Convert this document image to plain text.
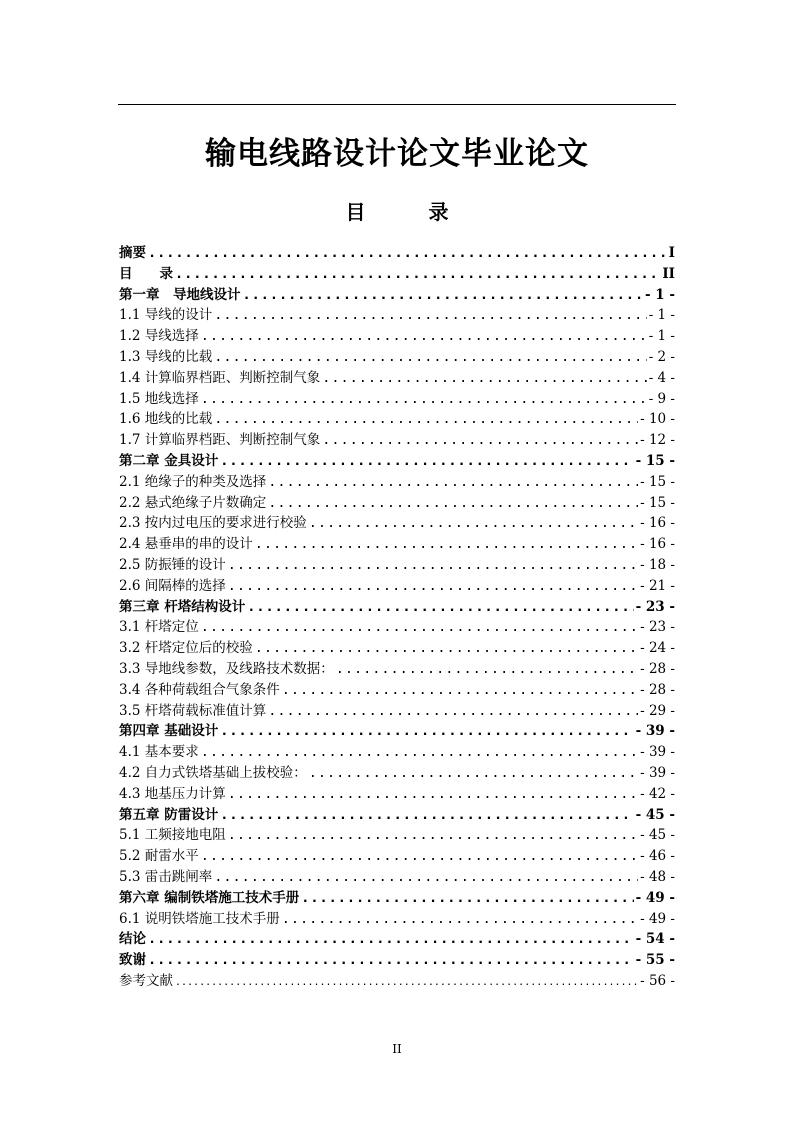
输电线路设计论文毕业论文
目 录
摘要 .....	I
目　　录 .....	II
第一章　导地线设计 .....	- 1 -
1.1 导线的设计 .....	- 1 -
1.2 导线选择 .....	- 1 -
1.3 导线的比载 .....	- 2 -
1.4 计算临界档距、判断控制气象 .....	- 4 -
1.5 地线选择 .....	- 9 -
1.6 地线的比载 .....	- 10 -
1.7 计算临界档距、判断控制气象 .....	- 12 -
第二章 金具设计 .....	- 15 -
2.1 绝缘子的种类及选择 .....	- 15 -
2.2 悬式绝缘子片数确定 .....	- 15 -
2.3 按内过电压的要求进行校验 .....	- 16 -
2.4 悬垂串的串的设计 .....	- 16 -
2.5 防振锤的设计 .....	- 18 -
2.6 间隔棒的选择 .....	- 21 -
第三章 杆塔结构设计 .....	- 23 -
3.1 杆塔定位 .....	- 23 -
3.2 杆塔定位后的校验 .....	- 24 -
3.3 导地线参数，及线路技术数据： .....	- 28 -
3.4 各种荷载组合气象条件 .....	- 28 -
3.5 杆塔荷载标准值计算 .....	- 29 -
第四章 基础设计 .....	- 39 -
4.1 基本要求 .....	- 39 -
4.2 自力式铁塔基础上拔校验： .....	- 39 -
4.3 地基压力计算 .....	- 42 -
第五章 防雷设计 .....	- 45 -
5.1 工频接地电阻 .....	- 45 -
5.2 耐雷水平 .....	- 46 -
5.3 雷击跳闸率 .....	- 48 -
第六章 编制铁塔施工技术手册 .....	- 49 -
6.1 说明铁塔施工技术手册 .....	- 49 -
结论 .....	- 54 -
致谢 .....	- 55 -
参考文献 .....	- 56 -
II
